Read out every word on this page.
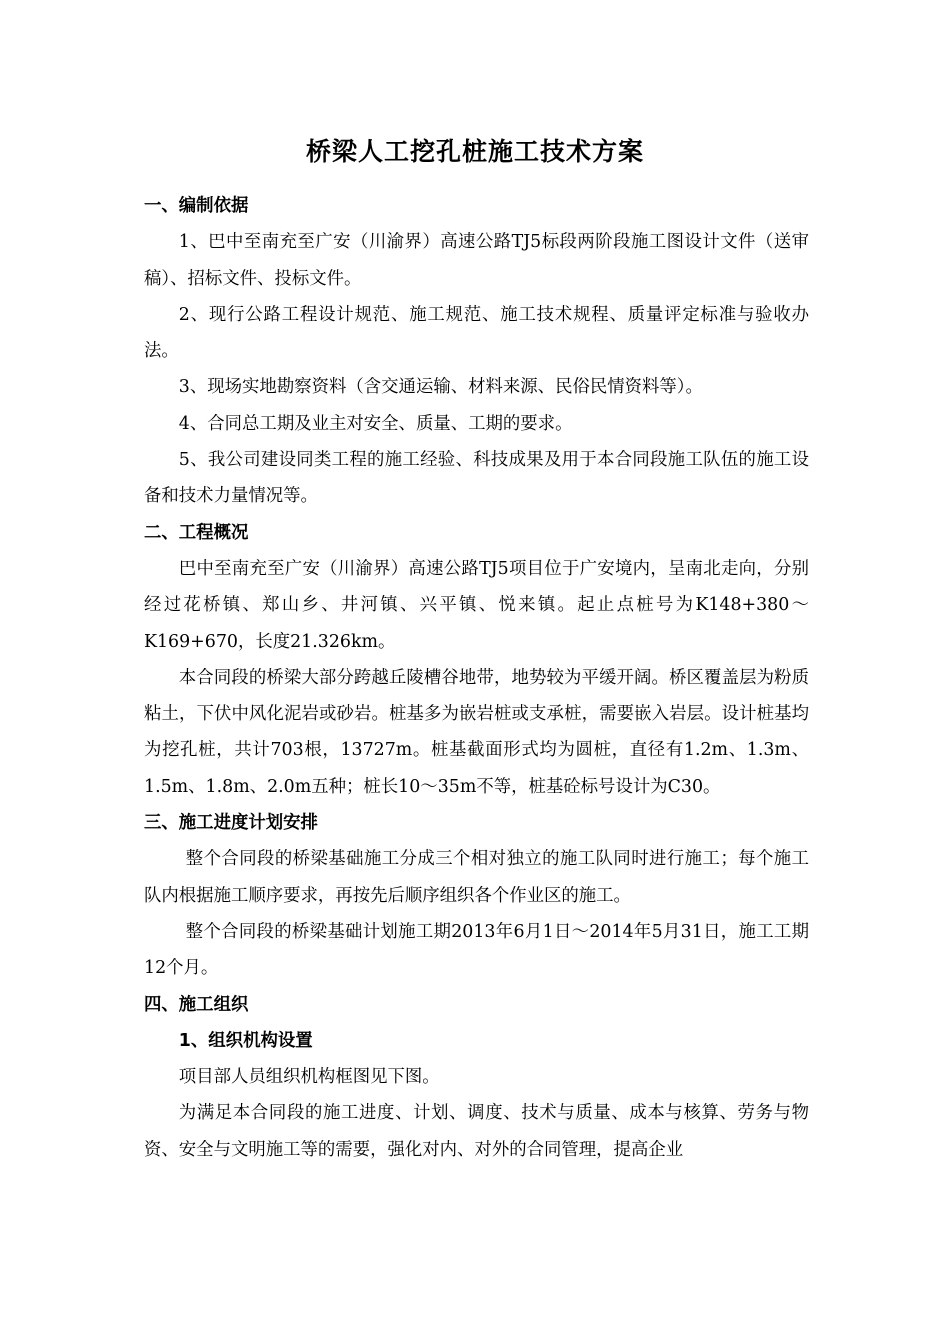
桥梁人工挖孔桩施工技术方案
一、编制依据

1、巴中至南充至广安（川渝界）高速公路TJ5标段两阶段施工图设计文件（送审稿）、招标文件、投标文件。

2、现行公路工程设计规范、施工规范、施工技术规程、质量评定标准与验收办法。

3、现场实地勘察资料（含交通运输、材料来源、民俗民情资料等）。

4、合同总工期及业主对安全、质量、工期的要求。

5、我公司建设同类工程的施工经验、科技成果及用于本合同段施工队伍的施工设备和技术力量情况等。

二、工程概况

巴中至南充至广安（川渝界）高速公路TJ5项目位于广安境内，呈南北走向，分别经过花桥镇、郑山乡、井河镇、兴平镇、悦来镇。起止点桩号为K148+380～K169+670，长度21.326km。

本合同段的桥梁大部分跨越丘陵槽谷地带，地势较为平缓开阔。桥区覆盖层为粉质粘土，下伏中风化泥岩或砂岩。桩基多为嵌岩桩或支承桩，需要嵌入岩层。设计桩基均为挖孔桩，共计703根，13727m。桩基截面形式均为圆桩，直径有1.2m、1.3m、1.5m、1.8m、2.0m五种；桩长10～35m不等，桩基砼标号设计为C30。

三、施工进度计划安排

整个合同段的桥梁基础施工分成三个相对独立的施工队同时进行施工；每个施工队内根据施工顺序要求，再按先后顺序组织各个作业区的施工。

整个合同段的桥梁基础计划施工期2013年6月1日～2014年5月31日，施工工期12个月。

四、施工组织
1、组织机构设置

项目部人员组织机构框图见下图。

为满足本合同段的施工进度、计划、调度、技术与质量、成本与核算、劳务与物资、安全与文明施工等的需要，强化对内、对外的合同管理，提高企业
